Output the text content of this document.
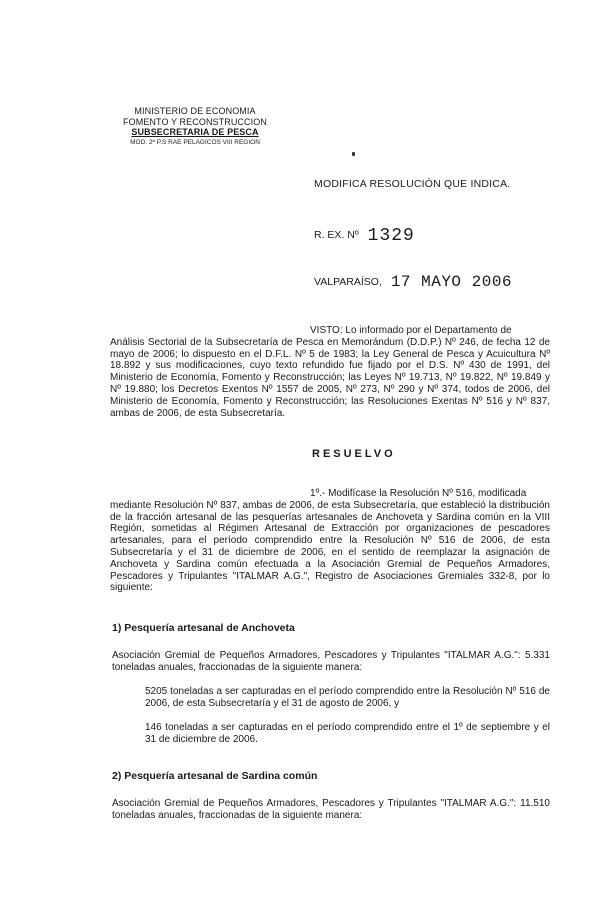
MINISTERIO DE ECONOMIA
FOMENTO Y RECONSTRUCCION
SUBSECRETARIA DE PESCA
MOD. 2ª P.S RAE PELAGICOS VIII REGION
MODIFICA RESOLUCIÓN QUE INDICA.
R. EX. Nº 1329
VALPARAÍSO, 17 MAYO 2006
VISTO: Lo informado por el Departamento de
Análisis Sectorial de la Subsecretaría de Pesca en Memorándum (D.D.P.) Nº 246, de fecha 12 de mayo de 2006; lo dispuesto en el D.F.L. Nº 5 de 1983; la Ley General de Pesca y Acuicultura Nº 18.892 y sus modificaciones, cuyo texto refundido fue fijado por el D.S. Nº 430 de 1991, del Ministerio de Economía, Fomento y Reconstrucción; las Leyes Nº 19.713, Nº 19.822, Nº 19.849 y Nº 19.880; los Decretos Exentos Nº 1557 de 2005, Nº 273, Nº 290 y Nº 374, todos de 2006, del Ministerio de Economía, Fomento y Reconstrucción; las Resoluciones Exentas Nº 516 y Nº 837, ambas de 2006, de esta Subsecretaría.
RESUELVO
1º.- Modifícase la Resolución Nº 516, modificada
mediante Resolución Nº 837, ambas de 2006, de esta Subsecretaría, que estableció la distribución de la fracción artesanal de las pesquerías artesanales de Anchoveta y Sardina común en la VIII Región, sometidas al Régimen Artesanal de Extracción por organizaciones de pescadores artesanales, para el período comprendido entre la Resolución Nº 516 de 2006, de esta Subsecretaría y el 31 de diciembre de 2006, en el sentido de reemplazar la asignación de Anchoveta y Sardina común efectuada a la Asociación Gremial de Pequeños Armadores, Pescadores y Tripulantes "ITALMAR A.G.", Registro de Asociaciones Gremiales 332-8, por lo siguiente:
1) Pesquería artesanal de Anchoveta
Asociación Gremial de Pequeños Armadores, Pescadores y Tripulantes "ITALMAR A.G.": 5.331 toneladas anuales, fraccionadas de la siguiente manera:
5205 toneladas a ser capturadas en el período comprendido entre la Resolución Nº 516 de 2006, de esta Subsecretaría y el 31 de agosto de 2006, y
146 toneladas a ser capturadas en el período comprendido entre el 1º de septiembre y el 31 de diciembre de 2006.
2) Pesquería artesanal de Sardina común
Asociación Gremial de Pequeños Armadores, Pescadores y Tripulantes "ITALMAR A.G.": 11.510 toneladas anuales, fraccionadas de la siguiente manera:
